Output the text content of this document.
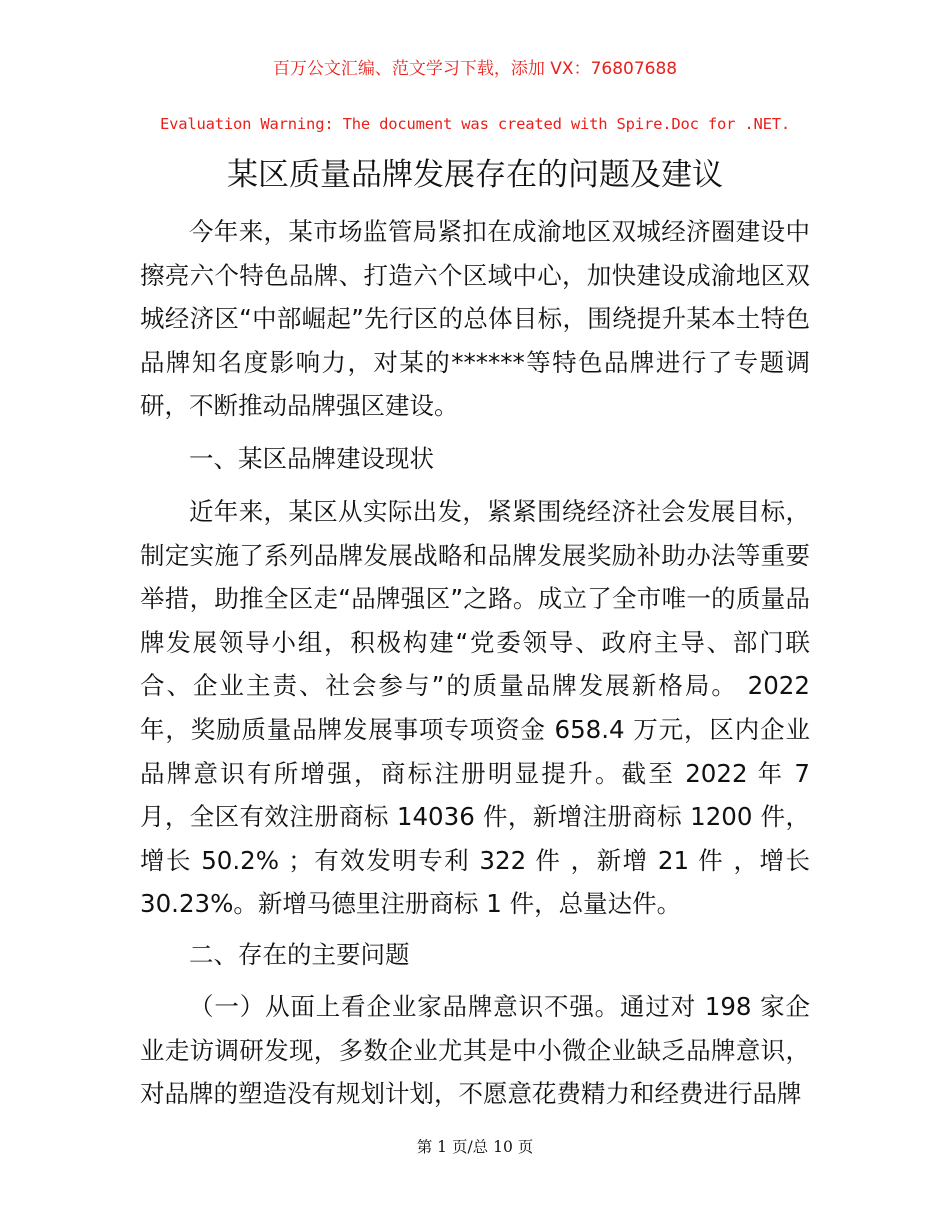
百万公文汇编、范文学习下载，添加 VX：76807688
Evaluation Warning: The document was created with Spire.Doc for .NET.
某区质量品牌发展存在的问题及建议

今年来，某市场监管局紧扣在成渝地区双城经济圈建设中擦亮六个特色品牌、打造六个区域中心，加快建设成渝地区双城经济区“中部崛起”先行区的总体目标，围绕提升某本土特色品牌知名度影响力，对某的******等特色品牌进行了专题调研，不断推动品牌强区建设。

一、某区品牌建设现状

近年来，某区从实际出发，紧紧围绕经济社会发展目标，制定实施了系列品牌发展战略和品牌发展奖励补助办法等重要举措，助推全区走“品牌强区”之路。成立了全市唯一的质量品牌发展领导小组，积极构建“党委领导、政府主导、部门联合、企业主责、社会参与”的质量品牌发展新格局。 2022年，奖励质量品牌发展事项专项资金 658.4 万元，区内企业品牌意识有所增强，商标注册明显提升。截至 2022 年 7 月，全区有效注册商标 14036 件，新增注册商标 1200 件，增长 50.2% ；有效发明专利 322 件 ，新增 21 件 ，增长 30.23%。新增马德里注册商标 1 件，总量达件。

二、存在的主要问题

（一）从面上看企业家品牌意识不强。通过对 198 家企业走访调研发现，多数企业尤其是中小微企业缺乏品牌意识，对品牌的塑造没有规划计划，不愿意花费精力和经费进行品牌

第 1 页/总 10 页
